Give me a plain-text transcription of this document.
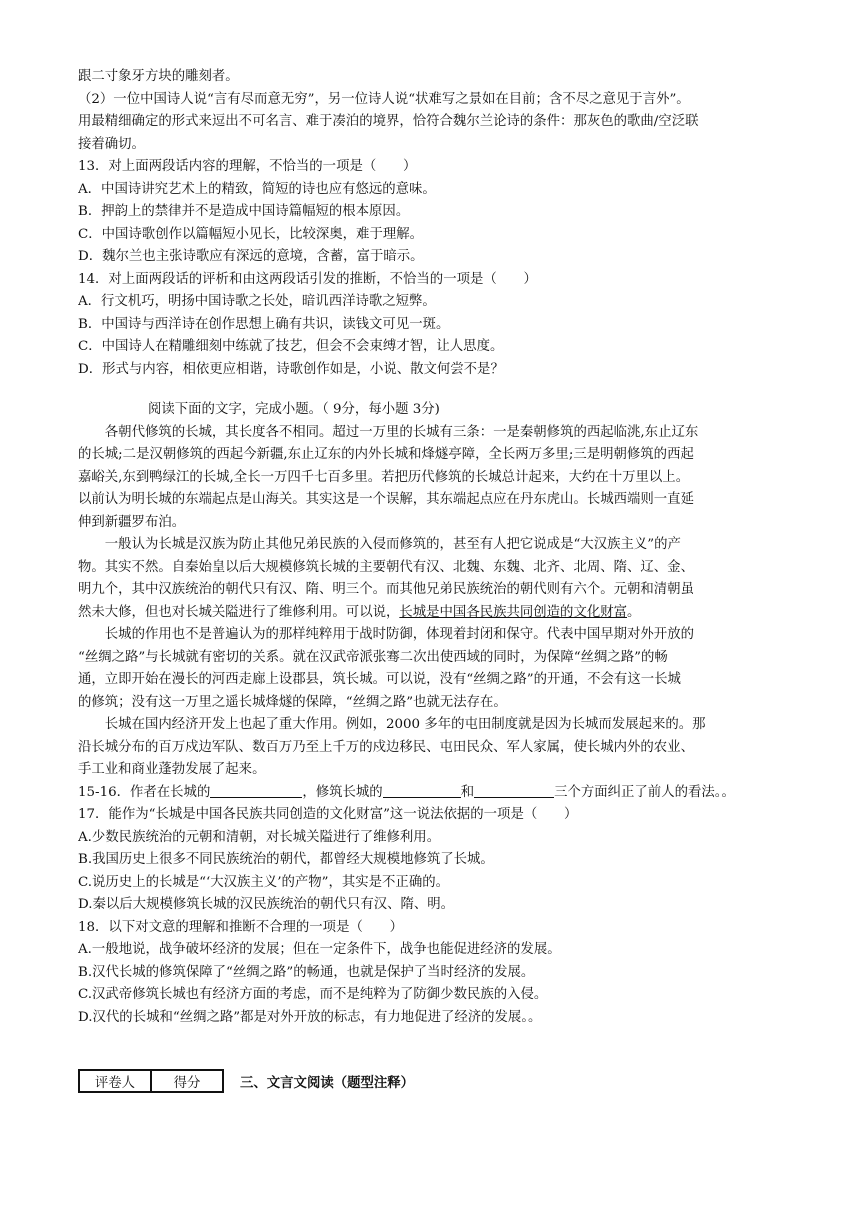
跟二寸象牙方块的雕刻者。
（2）一位中国诗人说“言有尽而意无穷”，另一位诗人说“状难写之景如在目前；含不尽之意见于言外”。
用最精细确定的形式来逗出不可名言、难于凑泊的境界，恰符合魏尔兰论诗的条件：那灰色的歌曲/空泛联
接着确切。
13．对上面两段话内容的理解，不恰当的一项是（　　）
A．中国诗讲究艺术上的精致，简短的诗也应有悠远的意味。
B．押韵上的禁律并不是造成中国诗篇幅短的根本原因。
C．中国诗歌创作以篇幅短小见长，比较深奥，难于理解。
D．魏尔兰也主张诗歌应有深远的意境，含蓄，富于暗示。
14．对上面两段话的评析和由这两段话引发的推断，不恰当的一项是（　　）
A．行文机巧，明扬中国诗歌之长处，暗讥西洋诗歌之短弊。
B．中国诗与西洋诗在创作思想上确有共识，读钱文可见一斑。
C．中国诗人在精雕细刻中练就了技艺，但会不会束缚才智，让人思度。
D．形式与内容，相依更应相谐，诗歌创作如是，小说、散文何尝不是？
阅读下面的文字，完成小题。（ 9分，每小题 3分)
各朝代修筑的长城，其长度各不相同。超过一万里的长城有三条：一是秦朝修筑的西起临洮,东止辽东
的长城;二是汉朝修筑的西起今新疆,东止辽东的内外长城和烽燧亭障，全长两万多里;三是明朝修筑的西起
嘉峪关,东到鸭绿江的长城,全长一万四千七百多里。若把历代修筑的长城总计起来，大约在十万里以上。
以前认为明长城的东端起点是山海关。其实这是一个误解，其东端起点应在丹东虎山。长城西端则一直延
伸到新疆罗布泊。
一般认为长城是汉族为防止其他兄弟民族的入侵而修筑的，甚至有人把它说成是“大汉族主义”的产
物。其实不然。自秦始皇以后大规模修筑长城的主要朝代有汉、北魏、东魏、北齐、北周、隋、辽、金、
明九个，其中汉族统治的朝代只有汉、隋、明三个。而其他兄弟民族统治的朝代则有六个。元朝和清朝虽
然未大修，但也对长城关隘进行了维修利用。可以说，长城是中国各民族共同创造的文化财富。
长城的作用也不是普遍认为的那样纯粹用于战时防御，体现着封闭和保守。代表中国早期对外开放的
“丝绸之路”与长城就有密切的关系。就在汉武帝派张骞二次出使西域的同时，为保障“丝绸之路”的畅
通，立即开始在漫长的河西走廊上设郡县，筑长城。可以说，没有“丝绸之路”的开通，不会有这一长城
的修筑；没有这一万里之遥长城烽燧的保障，“丝绸之路”也就无法存在。
长城在国内经济开发上也起了重大作用。例如，2000 多年的屯田制度就是因为长城而发展起来的。那
沿长城分布的百万戍边军队、数百万乃至上千万的戍边移民、屯田民众、军人家属，使长城内外的农业、
手工业和商业蓬勃发展了起来。
15-16．作者在长城的	，修筑长城的	和	三个方面纠正了前人的看法。。
17．能作为“长城是中国各民族共同创造的文化财富”这一说法依据的一项是（　　）
A.少数民族统治的元朝和清朝，对长城关隘进行了维修利用。
B.我国历史上很多不同民族统治的朝代，都曾经大规模地修筑了长城。
C.说历史上的长城是“‘大汉族主义’的产物”，其实是不正确的。
D.秦以后大规模修筑长城的汉民族统治的朝代只有汉、隋、明。
18．以下对文意的理解和推断不合理的一项是（　　）
A.一般地说，战争破坏经济的发展；但在一定条件下，战争也能促进经济的发展。
B.汉代长城的修筑保障了“丝绸之路”的畅通，也就是保护了当时经济的发展。
C.汉武帝修筑长城也有经济方面的考虑，而不是纯粹为了防御少数民族的入侵。
D.汉代的长城和“丝绸之路”都是对外开放的标志，有力地促进了经济的发展。。
评卷人	得分	三、文言文阅读（题型注释）
